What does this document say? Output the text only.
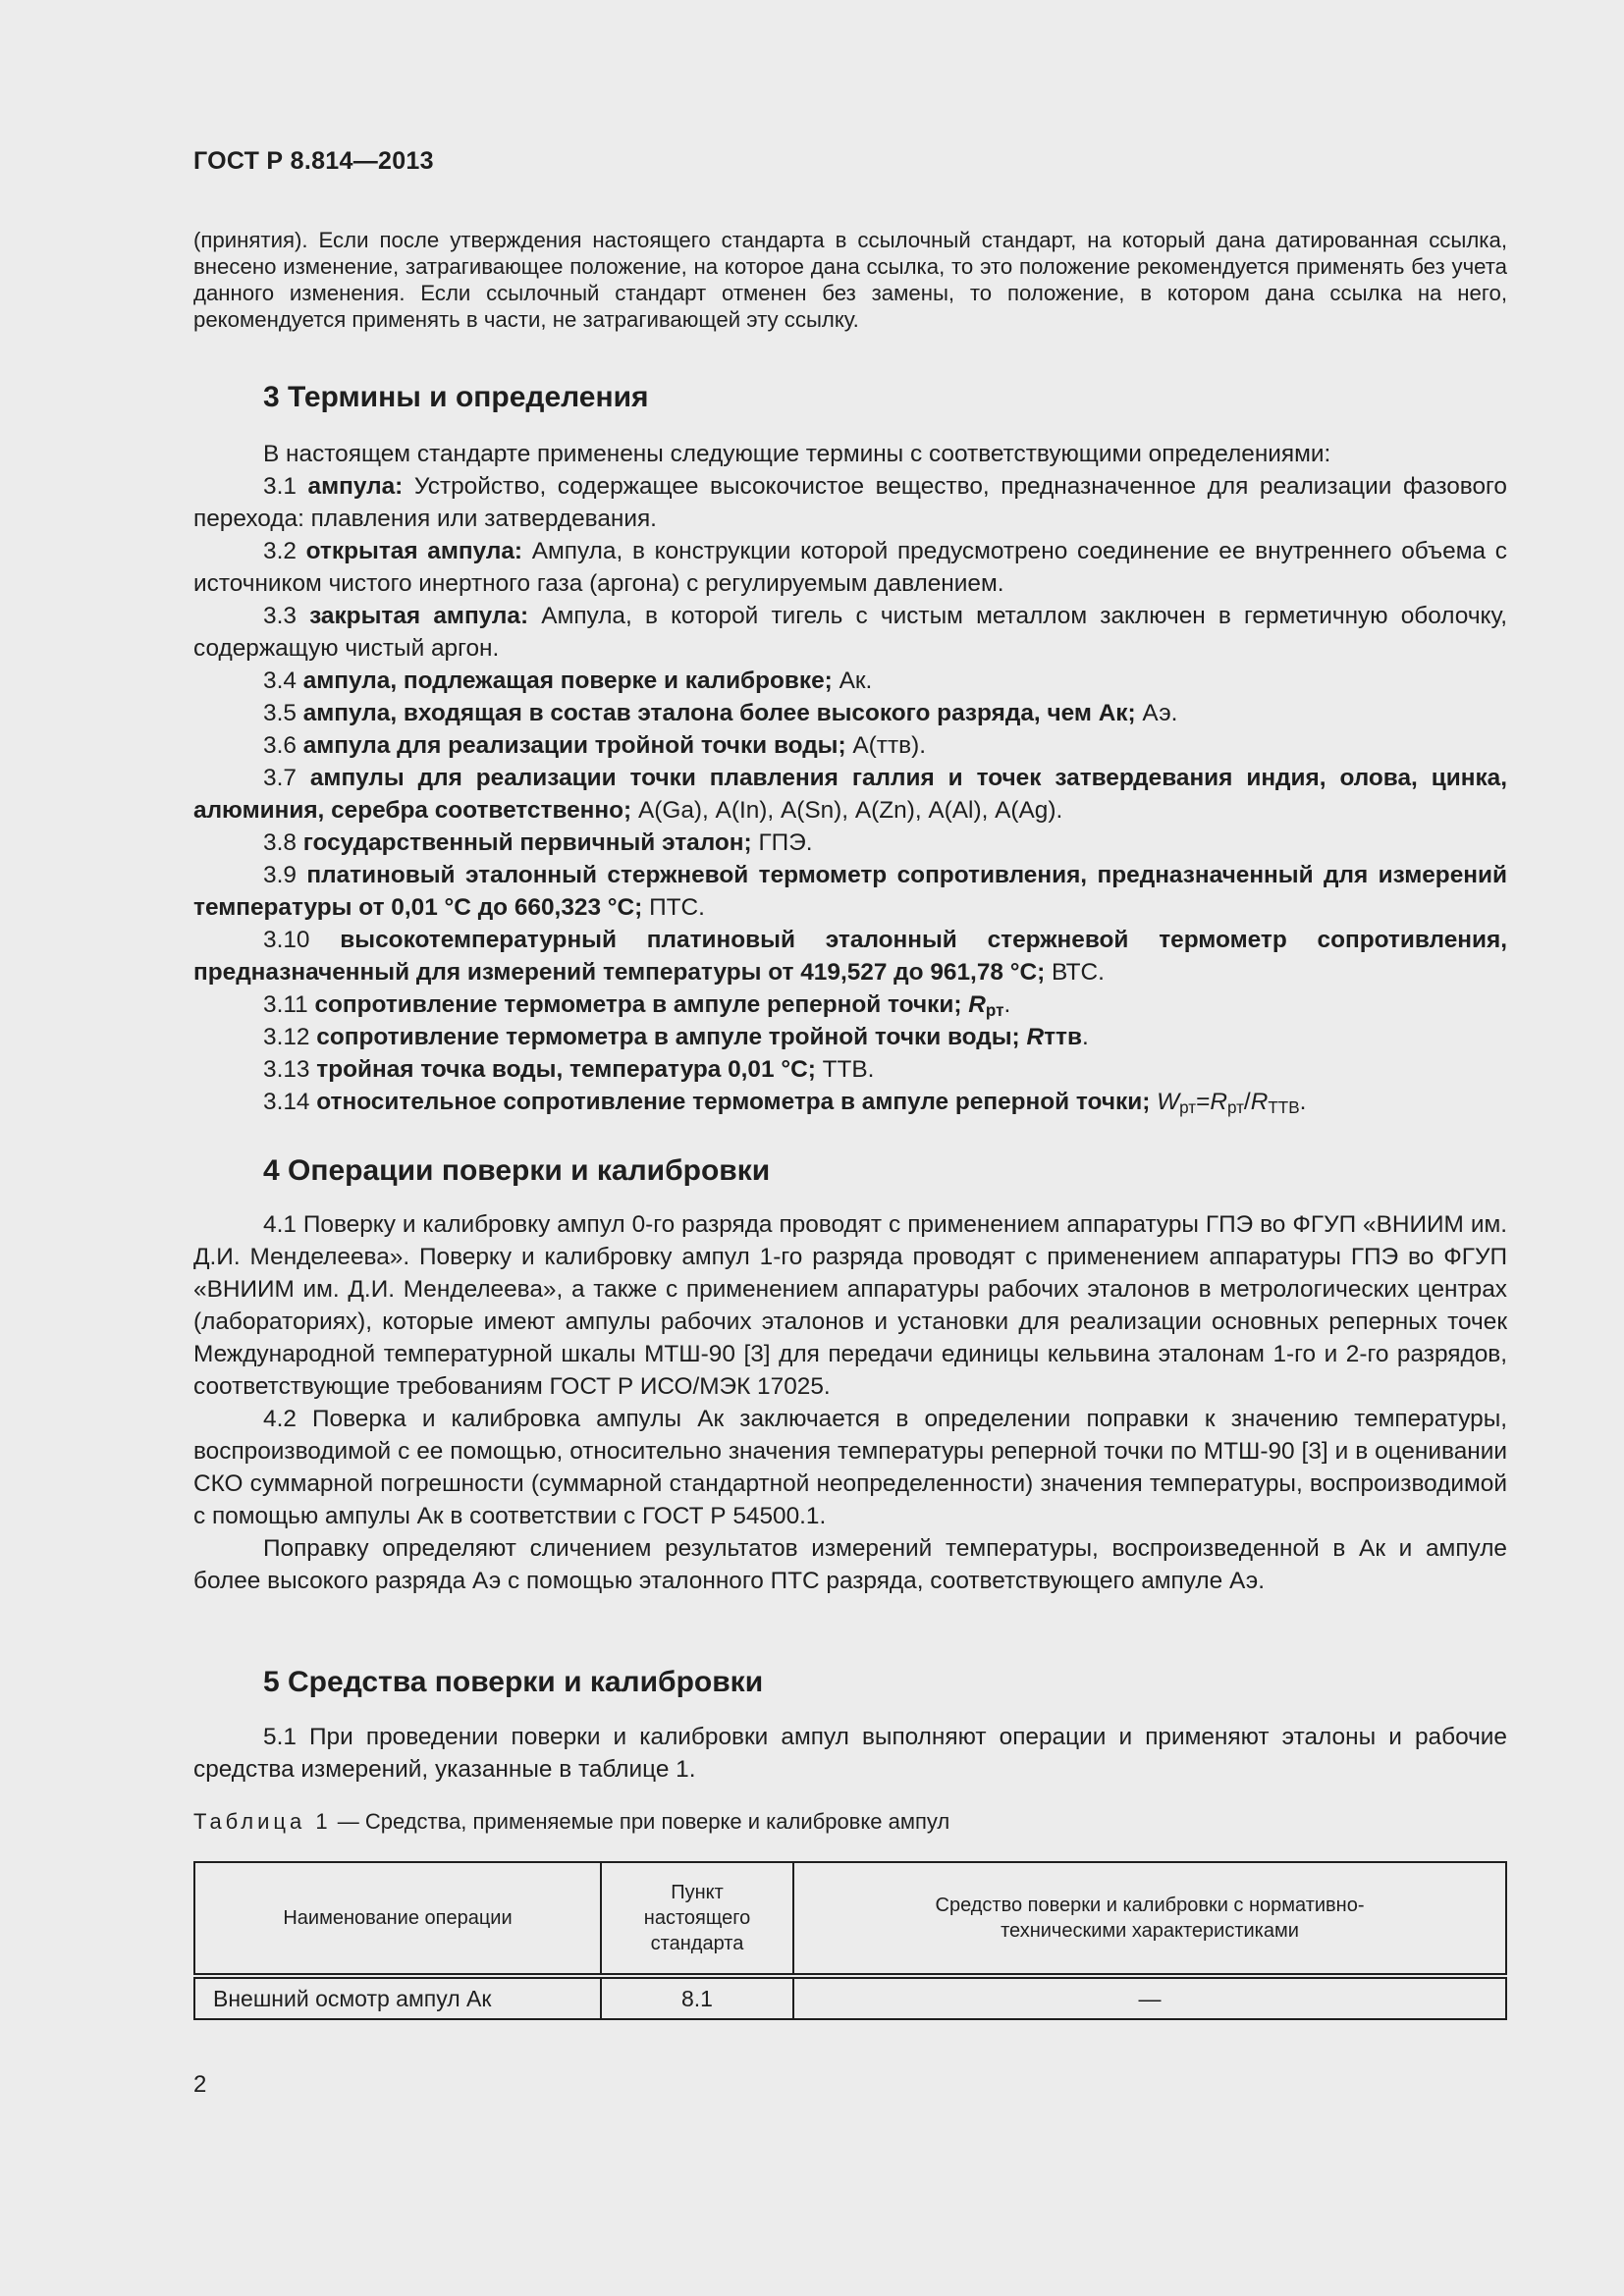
ГОСТ Р 8.814—2013
(принятия). Если после утверждения настоящего стандарта в ссылочный стандарт, на который дана датированная ссылка, внесено изменение, затрагивающее положение, на которое дана ссылка, то это положение рекомендуется применять без учета данного изменения. Если ссылочный стандарт отменен без замены, то положение, в котором дана ссылка на него, рекомендуется применять в части, не затрагивающей эту ссылку.
3 Термины и определения

В настоящем стандарте применены следующие термины с соответствующими определениями:

3.1 ампула: Устройство, содержащее высокочистое вещество, предназначенное для реализации фазового перехода: плавления или затвердевания.

3.2 открытая ампула: Ампула, в конструкции которой предусмотрено соединение ее внутреннего объема с источником чистого инертного газа (аргона) с регулируемым давлением.

3.3 закрытая ампула: Ампула, в которой тигель с чистым металлом заключен в герметичную оболочку, содержащую чистый аргон.

3.4 ампула, подлежащая поверке и калибровке; Ак.

3.5 ампула, входящая в состав эталона более высокого разряда, чем Ак; Аэ.

3.6 ампула для реализации тройной точки воды; А(ттв).

3.7 ампулы для реализации точки плавления галлия и точек затвердевания индия, олова, цинка, алюминия, серебра соответственно; А(Ga), А(In), А(Sn), А(Zn), А(Al), А(Ag).

3.8 государственный первичный эталон; ГПЭ.

3.9 платиновый эталонный стержневой термометр сопротивления, предназначенный для измерений температуры от 0,01 °С до 660,323 °С; ПТС.

3.10 высокотемпературный платиновый эталонный стержневой термометр сопротивления, предназначенный для измерений температуры от 419,527 до 961,78 °С; ВТС.

3.11 сопротивление термометра в ампуле реперной точки; $R_{рт}$.

3.12 сопротивление термометра в ампуле тройной точки воды; Rттв.

3.13 тройная точка воды, температура 0,01 °С; ТТВ.

3.14 относительное сопротивление термометра в ампуле реперной точки; $W_{рт}=R_{рт}/R_{ТТВ}$.

4 Операции поверки и калибровки

4.1 Поверку и калибровку ампул 0-го разряда проводят с применением аппаратуры ГПЭ во ФГУП «ВНИИМ им. Д.И. Менделеева». Поверку и калибровку ампул 1-го разряда проводят с применением аппаратуры ГПЭ во ФГУП «ВНИИМ им. Д.И. Менделеева», а также с применением аппаратуры рабочих эталонов в метрологических центрах (лабораториях), которые имеют ампулы рабочих эталонов и установки для реализации основных реперных точек Международной температурной шкалы МТШ-90 [3] для передачи единицы кельвина эталонам 1-го и 2-го разрядов, соответствующие требованиям ГОСТ Р ИСО/МЭК 17025.

4.2 Поверка и калибровка ампулы Ак заключается в определении поправки к значению температуры, воспроизводимой с ее помощью, относительно значения температуры реперной точки по МТШ-90 [3] и в оценивании СКО суммарной погрешности (суммарной стандартной неопределенности) значения температуры, воспроизводимой с помощью ампулы Ак в соответствии с ГОСТ Р 54500.1.

Поправку определяют сличением результатов измерений температуры, воспроизведенной в Ак и ампуле более высокого разряда Аэ с помощью эталонного ПТС разряда, соответствующего ампуле Аэ.

5 Средства поверки и калибровки

5.1 При проведении поверки и калибровки ампул выполняют операции и применяют эталоны и рабочие средства измерений, указанные в таблице 1.

Таблица 1 — Средства, применяемые при поверке и калибровке ампул
Наименование операции	Пункт настоящего стандарта	Средство поверки и калибровки с нормативно-техническими характеристиками
Внешний осмотр ампул Ак	8.1	—
2
